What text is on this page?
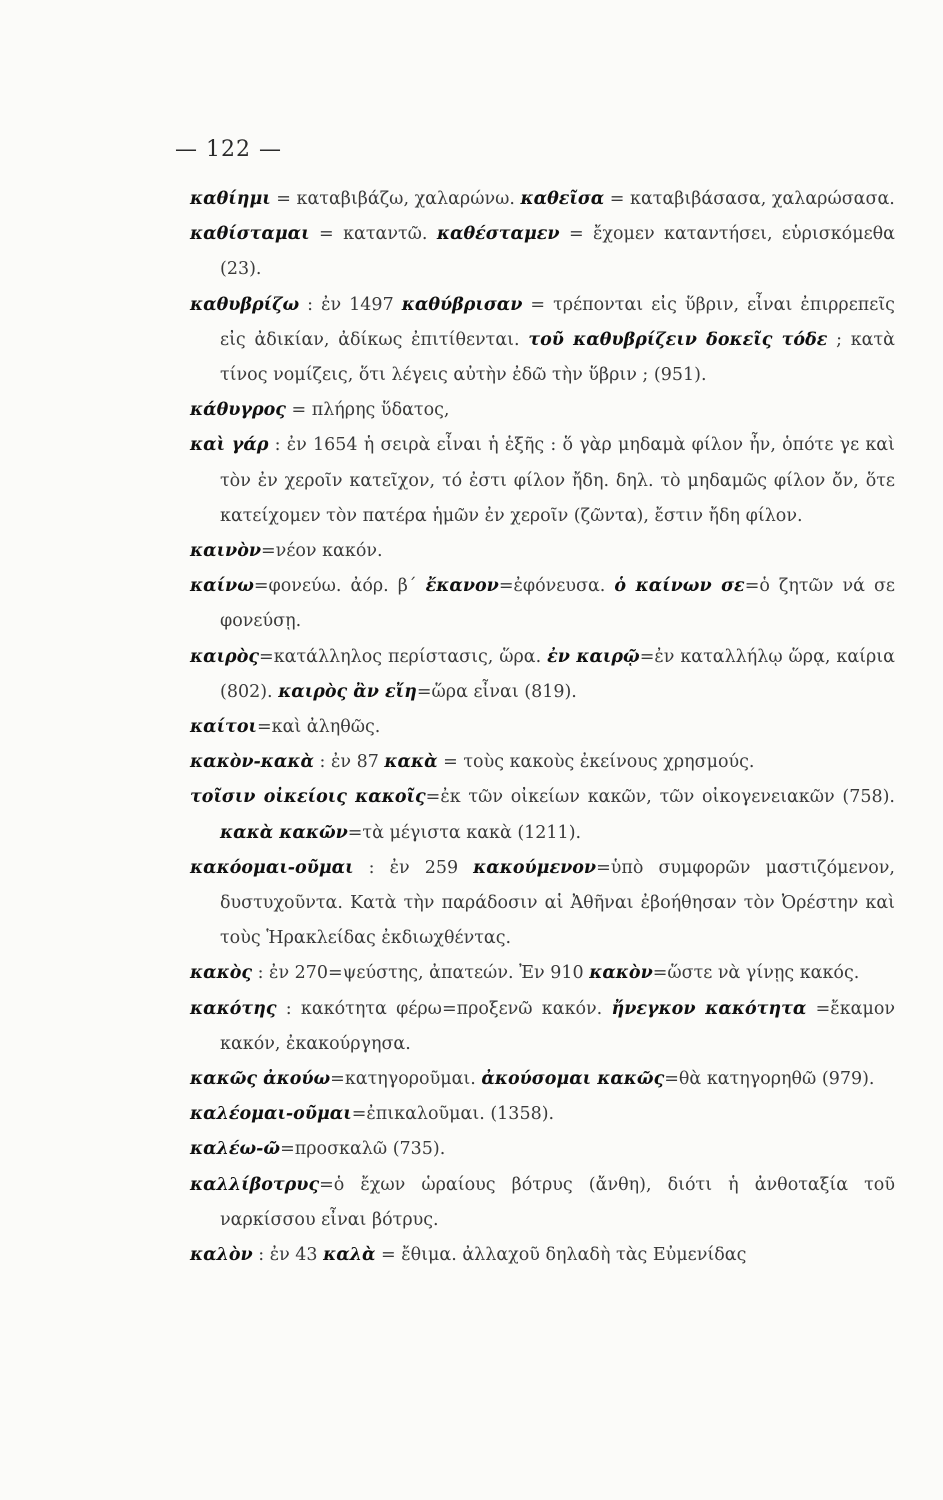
— 122 —

καθίημι = καταβιβάζω, χαλαρώνω. καθεῖσα = καταβιβάσασα, χαλαρώσασα.

καθίσταμαι = καταντῶ. καθέσταμεν = ἔχομεν καταντήσει, εὑρισκόμεθα (23).

καθυβρίζω : ἐν 1497 καθύβρισαν = τρέπονται εἰς ὕβριν, εἶναι ἐπιρρεπεῖς εἰς ἀδικίαν, ἀδίκως ἐπιτίθενται. τοῦ καθυβρίζειν δοκεῖς τόδε ; κατὰ τίνος νομίζεις, ὅτι λέγεις αὐτὴν ἐδῶ τὴν ὕβριν ; (951).

κάθυγρος = πλήρης ὕδατος,

καὶ γάρ : ἐν 1654 ἡ σειρὰ εἶναι ἡ ἑξῆς : ὅ γὰρ μηδαμὰ φίλον ἦν, ὁπότε γε καὶ τὸν ἐν χεροῖν κατεῖχον, τό ἐστι φίλον ἤδη. δηλ. τὸ μηδαμῶς φίλον ὄν, ὅτε κατείχομεν τὸν πατέρα ἡμῶν ἐν χεροῖν (ζῶντα), ἔστιν ἤδη φίλον.

καινὸν=νέον κακόν.

καίνω=φονεύω. ἀόρ. β΄ ἔκανον=ἐφόνευσα. ὁ καίνων σε=ὁ ζητῶν νά σε φονεύσῃ.

καιρὸς=κατάλληλος περίστασις, ὥρα. ἐν καιρῷ=ἐν καταλλήλῳ ὥρᾳ, καίρια (802). καιρὸς ἂν εἴη=ὥρα εἶναι (819).

καίτοι=καὶ ἀληθῶς.

κακὸν-κακὰ : ἐν 87 κακὰ = τοὺς κακοὺς ἐκείνους χρησμούς.

τοῖσιν οἰκείοις κακοῖς=ἐκ τῶν οἰκείων κακῶν, τῶν οἰκογενειακῶν (758). κακὰ κακῶν=τὰ μέγιστα κακὰ (1211).

κακόομαι-οῦμαι : ἐν 259 κακούμενον=ὑπὸ συμφορῶν μαστιζόμενον, δυστυχοῦντα. Κατὰ τὴν παράδοσιν αἱ Ἀθῆναι ἐβοήθησαν τὸν Ὀρέστην καὶ τοὺς Ἡρακλείδας ἐκδιωχθέντας.

κακὸς : ἐν 270=ψεύστης, ἀπατεών. Ἐν 910 κακὸν=ὥστε νὰ γίνῃς κακός.

κακότης : κακότητα φέρω=προξενῶ κακόν. ἤνεγκον κακότητα =ἔκαμον κακόν, ἐκακούργησα.

κακῶς ἀκούω=κατηγοροῦμαι. ἀκούσομαι κακῶς=θὰ κατηγορηθῶ (979).

καλέομαι-οῦμαι=ἐπικαλοῦμαι. (1358).

καλέω-ῶ=προσκαλῶ (735).

καλλίβοτρυς=ὁ ἔχων ὡραίους βότρυς (ἄνθη), διότι ἡ ἀνθοταξία τοῦ ναρκίσσου εἶναι βότρυς.

καλὸν : ἐν 43 καλὰ = ἔθιμα. ἀλλαχοῦ δηλαδὴ τὰς Εὐμενίδας
